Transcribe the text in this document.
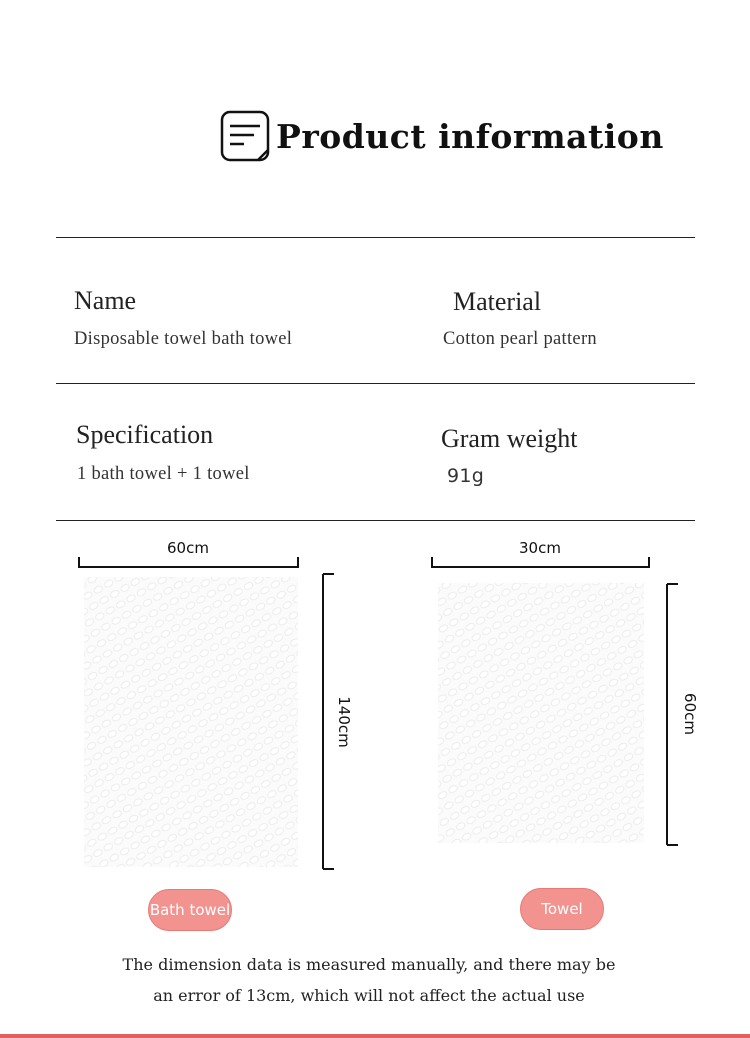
Product information
Name
Disposable towel bath towel
Material
Cotton pearl pattern
Specification
1 bath towel + 1 towel
Gram weight
91g
60cm
140cm
30cm
60cm
Bath towel	Towel
The dimension data is measured manually, and there may be
an error of 13cm, which will not affect the actual use
